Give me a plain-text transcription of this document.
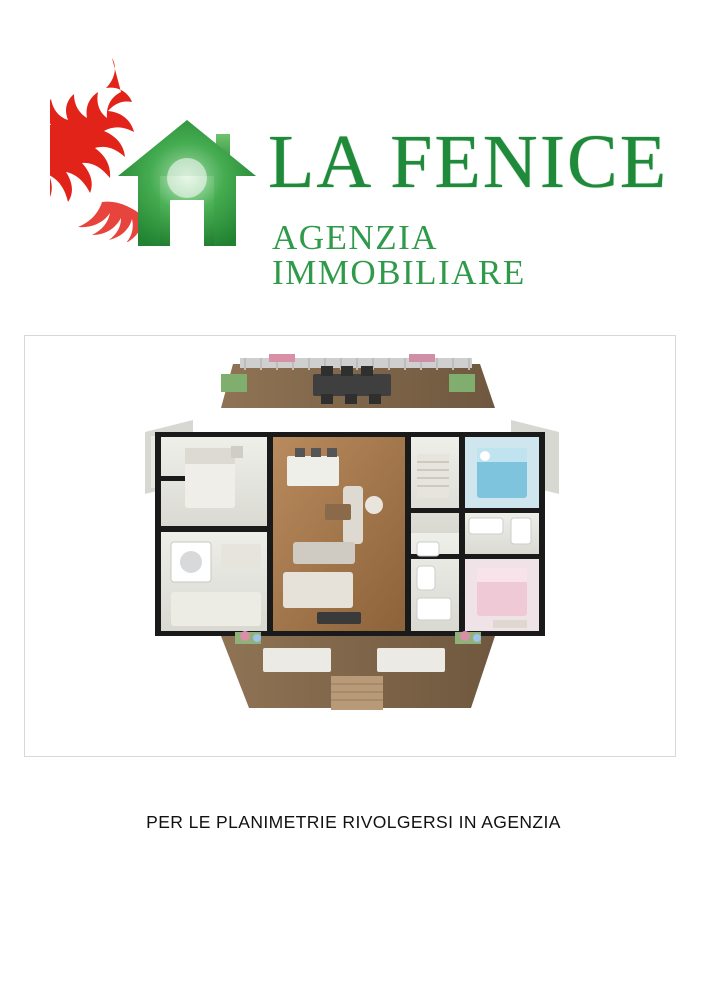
LA FENICE
AGENZIA IMMOBILIARE
PER LE PLANIMETRIE RIVOLGERSI IN AGENZIA
